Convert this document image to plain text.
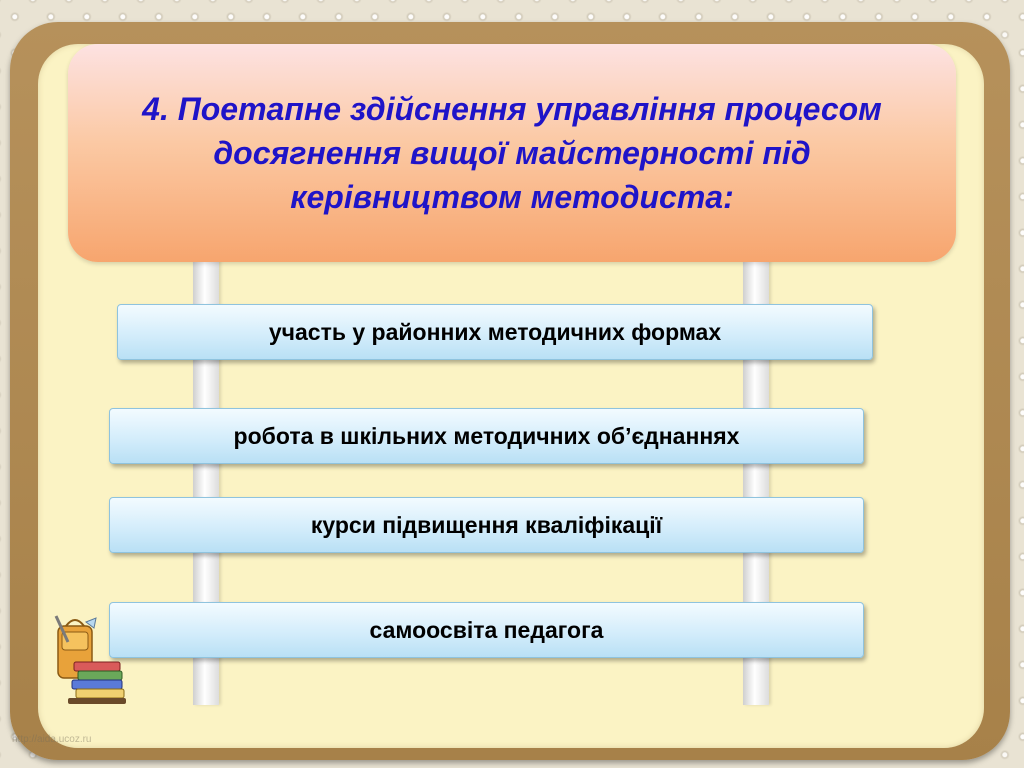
4. Поетапне здійснення управління процесом досягнення вищої майстерності під керівництвом методиста:
участь у районних методичних формах
робота в шкільних методичних об’єднаннях
курси підвищення кваліфікації
самоосвіта педагога
http://aida.ucoz.ru
